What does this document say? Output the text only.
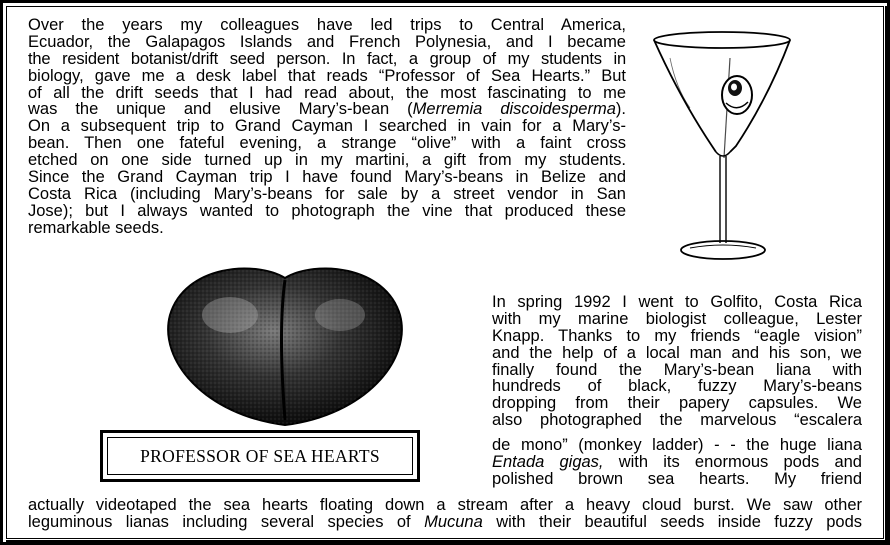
Over the years my colleagues have led trips to Central America,
Ecuador, the Galapagos Islands and French Polynesia, and I became
the resident botanist/drift seed person. In fact, a group of my students in
biology, gave me a desk label that reads “Professor of Sea Hearts.” But
of all the drift seeds that I had read about, the most fascinating to me
was the unique and elusive Mary’s-bean (Merremia discoidesperma).
On a subsequent trip to Grand Cayman I searched in vain for a Mary’s-
bean. Then one fateful evening, a strange “olive” with a faint cross
etched on one side turned up in my martini, a gift from my students.
Since the Grand Cayman trip I have found Mary’s-beans in Belize and
Costa Rica (including Mary’s-beans for sale by a street vendor in San
Jose); but I always wanted to photograph the vine that produced these
remarkable seeds.
PROFESSOR OF SEA HEARTS
In spring 1992 I went to Golfito, Costa Rica
with my marine biologist colleague, Lester
Knapp. Thanks to my friends “eagle vision”
and the help of a local man and his son, we
finally found the Mary’s-bean liana with
hundreds of black, fuzzy Mary’s-beans
dropping from their papery capsules. We
also photographed the marvelous “escalera
de mono” (monkey ladder) - - the huge liana
Entada gigas, with its enormous pods and
polished brown sea hearts. My friend
actually videotaped the sea hearts floating down a stream after a heavy cloud burst. We saw other
leguminous lianas including several species of Mucuna with their beautiful seeds inside fuzzy pods
